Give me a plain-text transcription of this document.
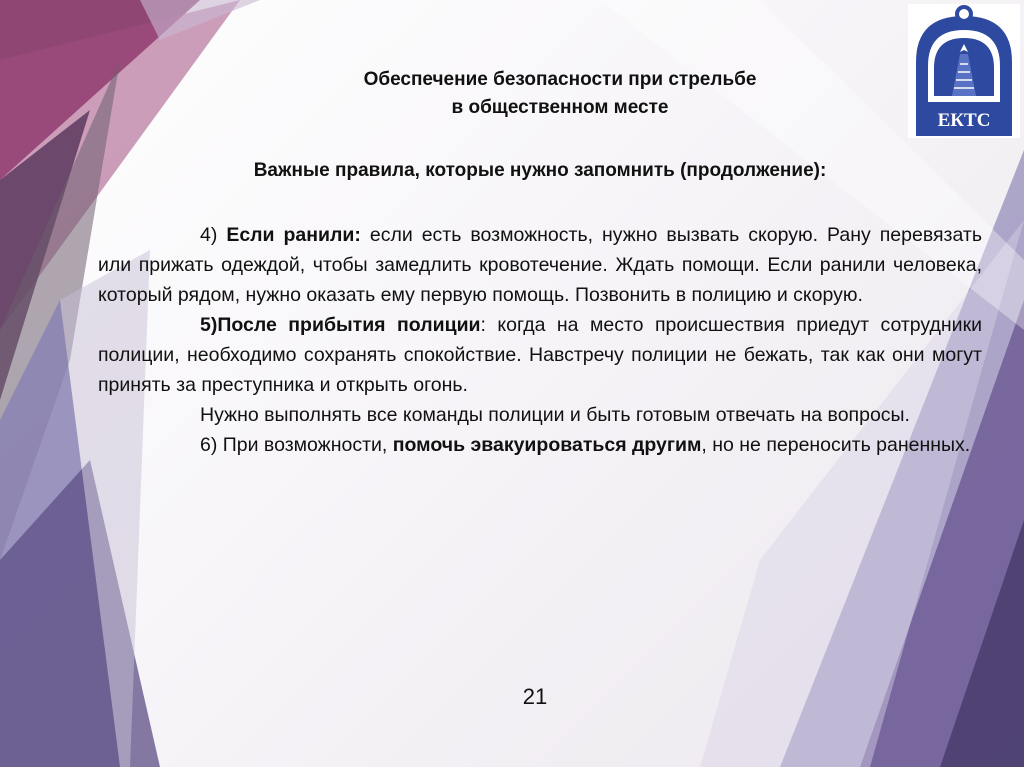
ЕКТС
Обеспечение безопасности при стрельбе
в общественном месте
Важные правила, которые нужно запомнить (продолжение):

4) Если ранили: если есть возможность, нужно вызвать скорую. Рану перевязать или прижать одеждой, чтобы замедлить кровотечение. Ждать помощи. Если ранили человека, который рядом, нужно оказать ему первую помощь. Позвонить в полицию и скорую.

5)После прибытия полиции: когда на место происшествия приедут сотрудники полиции, необходимо сохранять спокойствие. Навстречу полиции не бежать, так как они могут принять за преступника и открыть огонь.

Нужно выполнять все команды полиции и быть готовым отвечать на вопросы.

6) При возможности, помочь эвакуироваться другим, но не переносить раненных.

21
